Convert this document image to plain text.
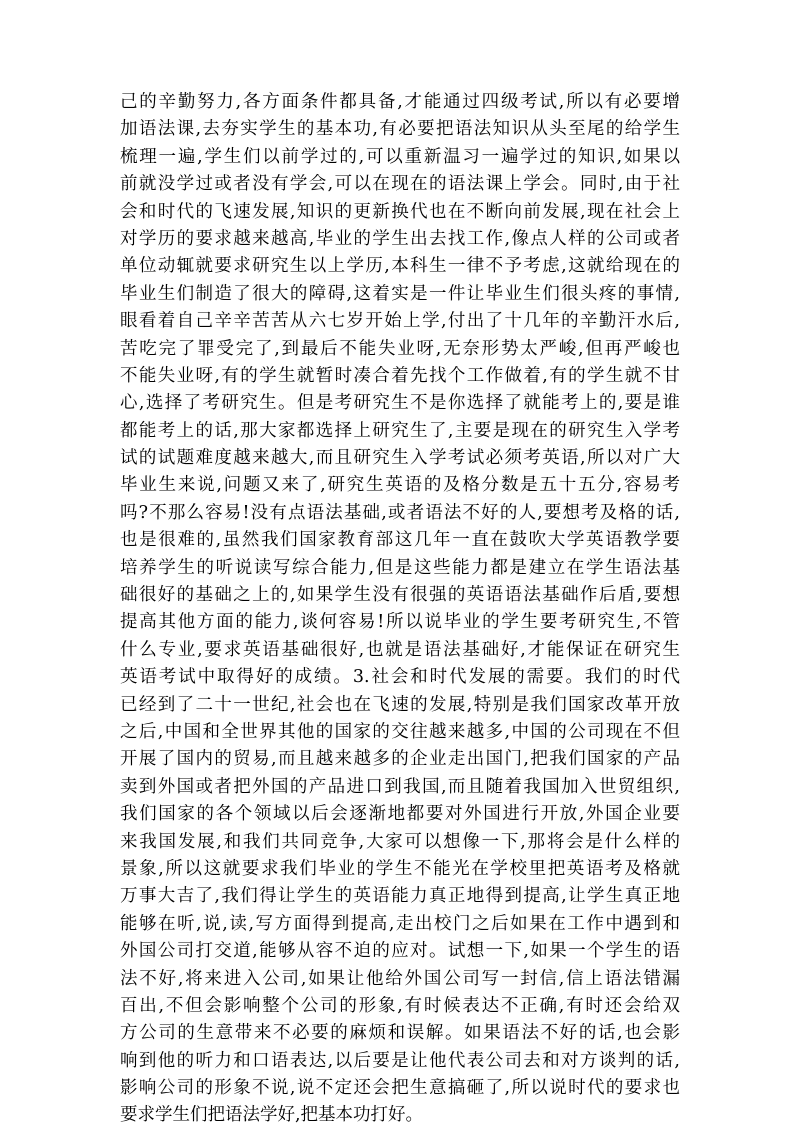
己的辛勤努力,各方面条件都具备,才能通过四级考试,所以有必要增
加语法课,去夯实学生的基本功,有必要把语法知识从头至尾的给学生
梳理一遍,学生们以前学过的,可以重新温习一遍学过的知识,如果以
前就没学过或者没有学会,可以在现在的语法课上学会。同时,由于社
会和时代的飞速发展,知识的更新换代也在不断向前发展,现在社会上
对学历的要求越来越高,毕业的学生出去找工作,像点人样的公司或者
单位动辄就要求研究生以上学历,本科生一律不予考虑,这就给现在的
毕业生们制造了很大的障碍,这着实是一件让毕业生们很头疼的事情,
眼看着自己辛辛苦苦从六七岁开始上学,付出了十几年的辛勤汗水后,
苦吃完了罪受完了,到最后不能失业呀,无奈形势太严峻,但再严峻也
不能失业呀,有的学生就暂时凑合着先找个工作做着,有的学生就不甘
心,选择了考研究生。但是考研究生不是你选择了就能考上的,要是谁
都能考上的话,那大家都选择上研究生了,主要是现在的研究生入学考
试的试题难度越来越大,而且研究生入学考试必须考英语,所以对广大
毕业生来说,问题又来了,研究生英语的及格分数是五十五分,容易考
吗?不那么容易!没有点语法基础,或者语法不好的人,要想考及格的话,
也是很难的,虽然我们国家教育部这几年一直在鼓吹大学英语教学要
培养学生的听说读写综合能力,但是这些能力都是建立在学生语法基
础很好的基础之上的,如果学生没有很强的英语语法基础作后盾,要想
提高其他方面的能力,谈何容易!所以说毕业的学生要考研究生,不管
什么专业,要求英语基础很好,也就是语法基础好,才能保证在研究生
英语考试中取得好的成绩。3.社会和时代发展的需要。我们的时代
已经到了二十一世纪,社会也在飞速的发展,特别是我们国家改革开放
之后,中国和全世界其他的国家的交往越来越多,中国的公司现在不但
开展了国内的贸易,而且越来越多的企业走出国门,把我们国家的产品
卖到外国或者把外国的产品进口到我国,而且随着我国加入世贸组织,
我们国家的各个领域以后会逐渐地都要对外国进行开放,外国企业要
来我国发展,和我们共同竞争,大家可以想像一下,那将会是什么样的
景象,所以这就要求我们毕业的学生不能光在学校里把英语考及格就
万事大吉了,我们得让学生的英语能力真正地得到提高,让学生真正地
能够在听,说,读,写方面得到提高,走出校门之后如果在工作中遇到和
外国公司打交道,能够从容不迫的应对。试想一下,如果一个学生的语
法不好,将来进入公司,如果让他给外国公司写一封信,信上语法错漏
百出,不但会影响整个公司的形象,有时候表达不正确,有时还会给双
方公司的生意带来不必要的麻烦和误解。如果语法不好的话,也会影
响到他的听力和口语表达,以后要是让他代表公司去和对方谈判的话,
影响公司的形象不说,说不定还会把生意搞砸了,所以说时代的要求也
要求学生们把语法学好,把基本功打好。
